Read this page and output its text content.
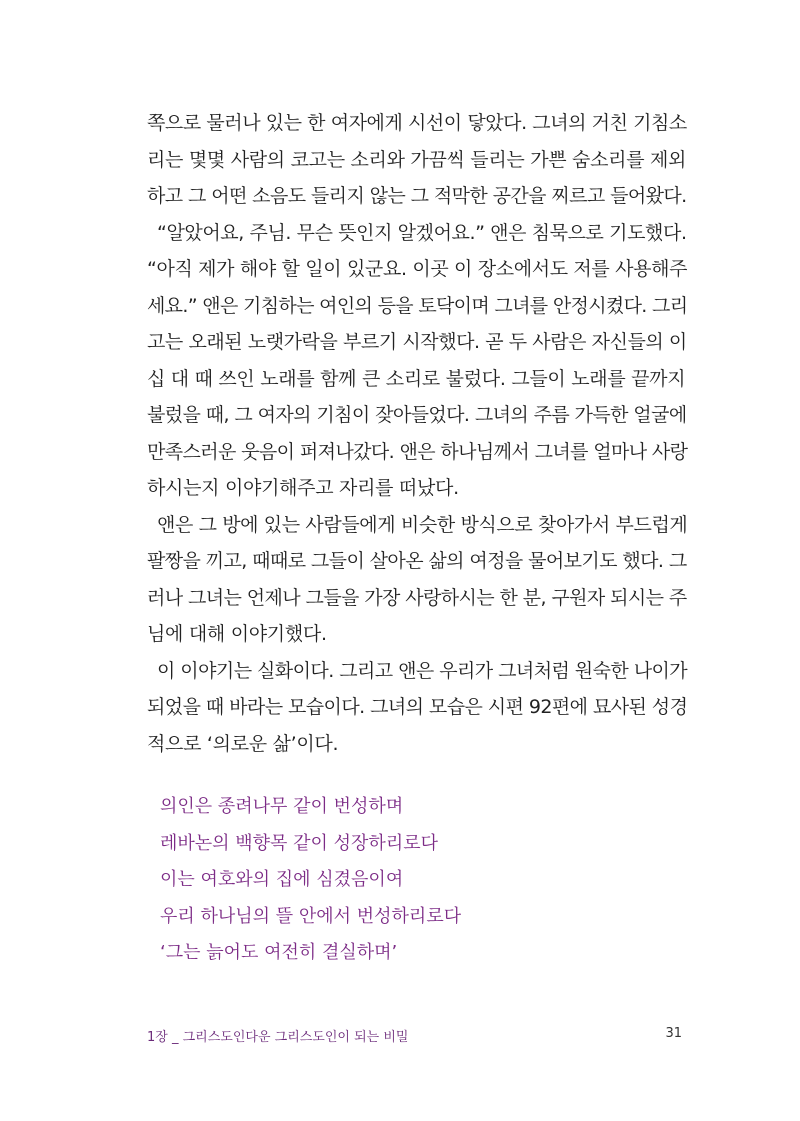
쪽으로 물러나 있는 한 여자에게 시선이 닿았다. 그녀의 거친 기침소
리는 몇몇 사람의 코고는 소리와 가끔씩 들리는 가쁜 숨소리를 제외
하고 그 어떤 소음도 들리지 않는 그 적막한 공간을 찌르고 들어왔다.
“알았어요, 주님. 무슨 뜻인지 알겠어요.” 앤은 침묵으로 기도했다.
“아직 제가 해야 할 일이 있군요. 이곳 이 장소에서도 저를 사용해주
세요.” 앤은 기침하는 여인의 등을 토닥이며 그녀를 안정시켰다. 그리
고는 오래된 노랫가락을 부르기 시작했다. 곧 두 사람은 자신들의 이
십 대 때 쓰인 노래를 함께 큰 소리로 불렀다. 그들이 노래를 끝까지
불렀을 때, 그 여자의 기침이 잦아들었다. 그녀의 주름 가득한 얼굴에
만족스러운 웃음이 퍼져나갔다. 앤은 하나님께서 그녀를 얼마나 사랑
하시는지 이야기해주고 자리를 떠났다.
앤은 그 방에 있는 사람들에게 비슷한 방식으로 찾아가서 부드럽게
팔짱을 끼고, 때때로 그들이 살아온 삶의 여정을 물어보기도 했다. 그
러나 그녀는 언제나 그들을 가장 사랑하시는 한 분, 구원자 되시는 주
님에 대해 이야기했다.
이 이야기는 실화이다. 그리고 앤은 우리가 그녀처럼 원숙한 나이가
되었을 때 바라는 모습이다. 그녀의 모습은 시편 92편에 묘사된 성경
적으로 ‘의로운 삶’이다.
의인은 종려나무 같이 번성하며
레바논의 백향목 같이 성장하리로다
이는 여호와의 집에 심겼음이여
우리 하나님의 뜰 안에서 번성하리로다
‘그는 늙어도 여전히 결실하며’
1장 _ 그리스도인다운 그리스도인이 되는 비밀	31
